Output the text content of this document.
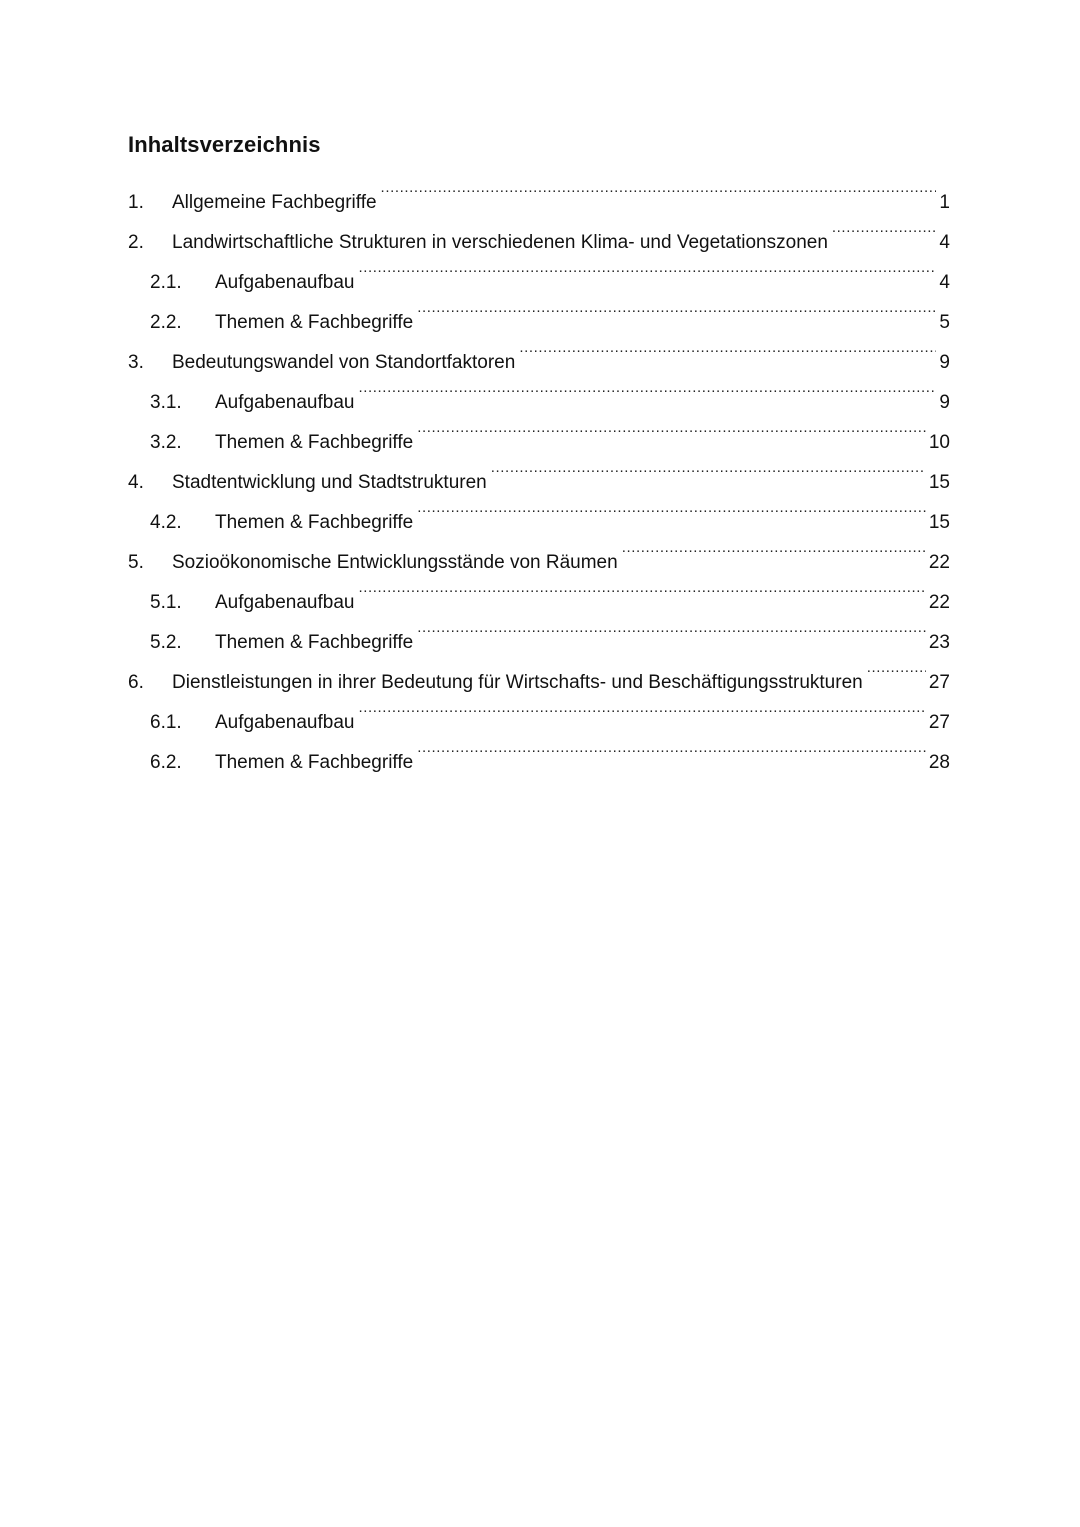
Inhaltsverzeichnis
1.	Allgemeine Fachbegriffe .....	1
2.	Landwirtschaftliche Strukturen in verschiedenen Klima- und Vegetationszonen .....	4
2.1.	Aufgabenaufbau .....	4
2.2.	Themen & Fachbegriffe .....	5
3.	Bedeutungswandel von Standortfaktoren .....	9
3.1.	Aufgabenaufbau .....	9
3.2.	Themen & Fachbegriffe .....	10
4.	Stadtentwicklung und Stadtstrukturen .....	15
4.2.	Themen & Fachbegriffe .....	15
5.	Sozioökonomische Entwicklungsstände von Räumen .....	22
5.1.	Aufgabenaufbau .....	22
5.2.	Themen & Fachbegriffe .....	23
6.	Dienstleistungen in ihrer Bedeutung für Wirtschafts- und Beschäftigungsstrukturen .....	27
6.1.	Aufgabenaufbau .....	27
6.2.	Themen & Fachbegriffe .....	28
